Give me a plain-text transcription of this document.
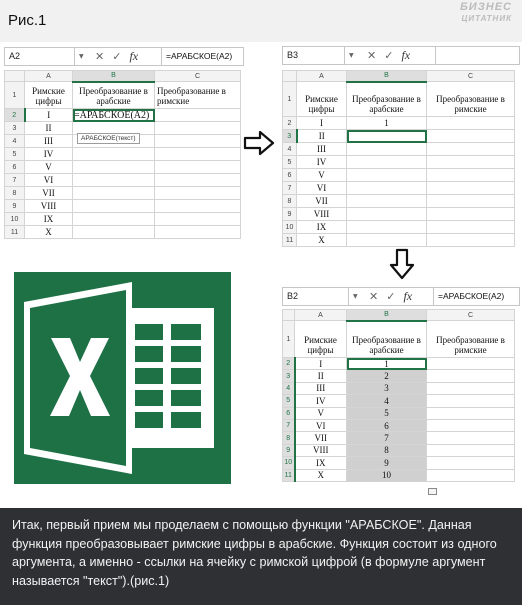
Рис.1
БИЗНЕС
ЦИТАТНИК
A2	▼ ✕ ✓ fx	=АРАБСКОЕ(A2)
	A	B	C
1	Римские цифры	Преобразование в арабские	Преобразование в римские
2	I	=АРАБСКОЕ(A2)	
3	II		
4	III		
5	IV		
6	V		
7	VI		
8	VII		
9	VIII		
10	IX		
11	X		
АРАБСКОЕ(текст)
B3	▼ ✕ ✓ fx
	A	B	C
1	Римские цифры	Преобразование в арабские	Преобразование в римские
2	I	1	
3	II		
4	III		
5	IV		
6	V		
7	VI		
8	VII		
9	VIII		
10	IX		
11	X		
B2	▼ ✕ ✓ fx	=АРАБСКОЕ(A2)
	A	B	C
1	Римские цифры	Преобразование в арабские	Преобразование в римские
2	I	1	
3	II	2	
4	III	3	
5	IV	4	
6	V	5	
7	VI	6	
8	VII	7	
9	VIII	8	
10	IX	9	
11	X	10	

Итак, первый прием мы проделаем с помощью функции "АРАБСКОЕ". Данная функция преобразовывает римские цифры в арабские. Функция состоит из одного аргумента, а именно - ссылки на ячейку с римской цифрой (в формуле аргумент называется "текст").(рис.1)
